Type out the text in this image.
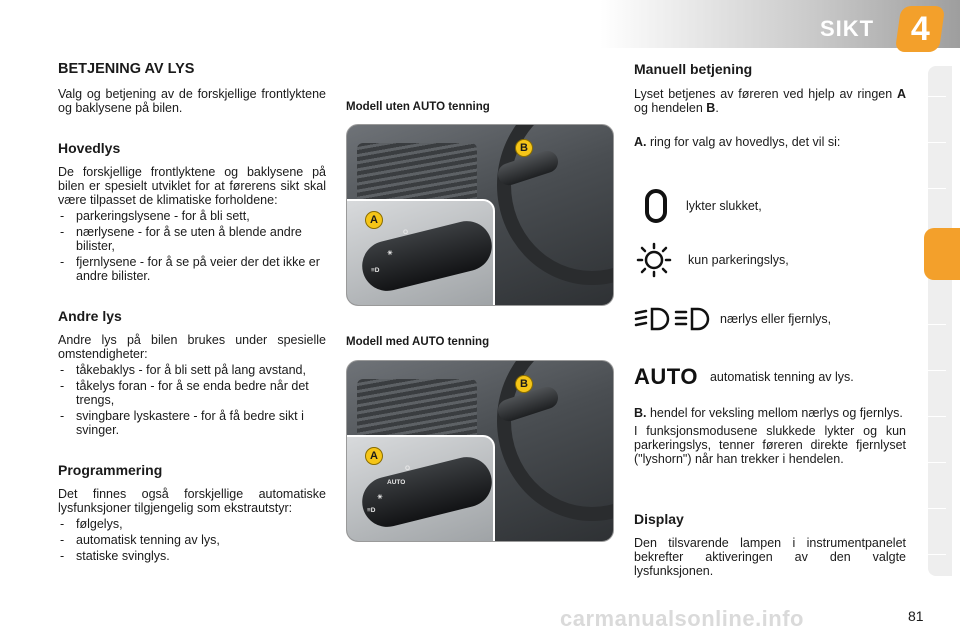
SIKT 4
BETJENING AV LYS

Valg og betjening av de forskjellige frontlyktene og baklysene på bilen.

Hovedlys

De forskjellige frontlyktene og baklysene på bilen er spesielt utviklet for at førerens sikt skal være tilpasset de klimatiske forholdene:

- parkeringslysene - for å bli sett,
- nærlysene - for å se uten å blende andre bilister,
- fjernlysene - for å se på veier der det ikke er andre bilister.
Andre lys

Andre lys på bilen brukes under spesielle omstendigheter:

- tåkebaklys - for å bli sett på lang avstand,
- tåkelys foran - for å se enda bedre når det trengs,
- svingbare lyskastere - for å få bedre sikt i svinger.
Programmering

Det finnes også forskjellige automatiske lysfunksjoner tilgjengelig som ekstrautstyr:

- følgelys,
- automatisk tenning av lys,
- statiske svinglys.
Modell uten AUTO tenning
B
O
☀
≡D
A
Modell med AUTO tenning
B
O
AUTO
☀
≡D
A
Manuell betjening

Lyset betjenes av føreren ved hjelp av ringen A og hendelen B.

A. ring for valg av hovedlys, det vil si:

lykter slukket,
kun parkeringslys,
nærlys eller fjernlys,
AUTO automatisk tenning av lys.

B. hendel for veksling mellom nærlys og fjernlys.

I funksjonsmodusene slukkede lykter og kun parkeringslys, tenner føreren direkte fjernlyset ("lyshorn") når han trekker i hendelen.

Display

Den tilsvarende lampen i instrumentpanelet bekrefter aktiveringen av den valgte lysfunksjonen.

carmanualsonline.info	81
